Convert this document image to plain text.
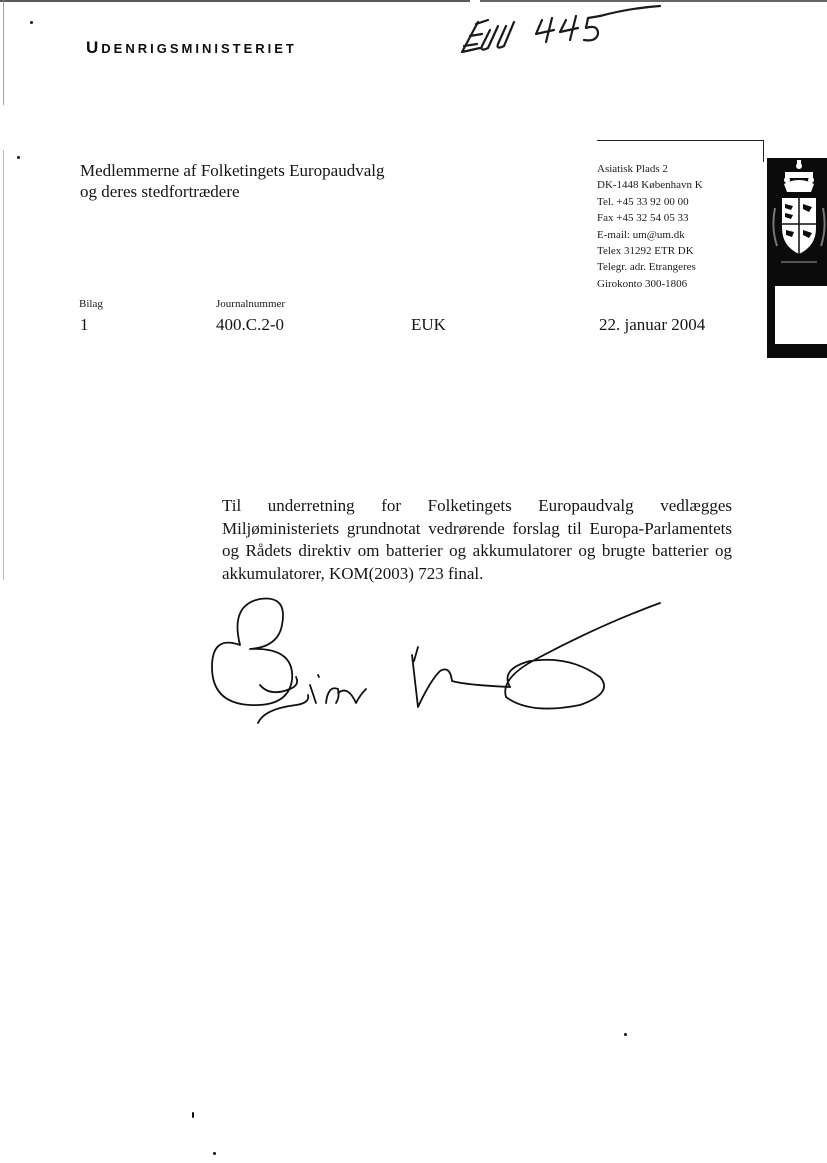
UDENRIGSMINISTERIET
Medlemmerne af Folketingets Europaudvalg
og deres stedfortrædere
Asiatisk Plads 2
DK-1448 København K
Tel. +45 33 92 00 00
Fax +45 32 54 05 33
E-mail: um@um.dk
Telex 31292 ETR DK
Telegr. adr. Etrangeres
Girokonto 300-1806
Bilag	Journalnummer
1	400.C.2-0	EUK	22. januar 2004
Til underretning for Folketingets Europaudvalg vedlægges Miljøministeriets grundnotat vedrørende forslag til Europa-Parlamentets og Rådets direktiv om batterier og akkumulatorer og brugte batterier og akkumulatorer, KOM(2003) 723 final.
